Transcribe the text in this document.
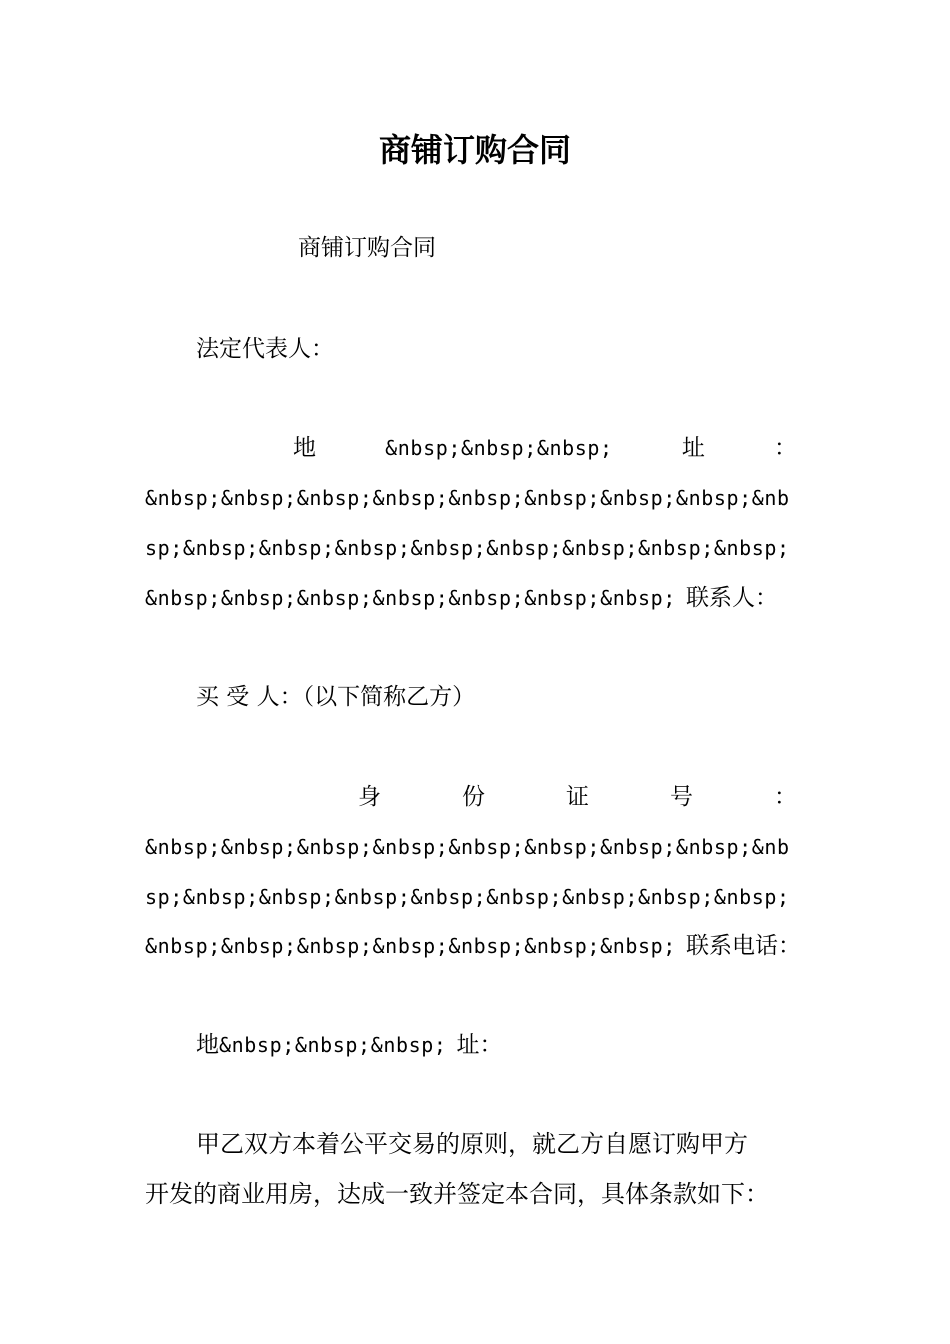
商铺订购合同

商铺订购合同

法定代表人：

地	&nbsp;&nbsp;&nbsp;	址	：

&nbsp;&nbsp;&nbsp;&nbsp;&nbsp;&nbsp;&nbsp;&nbsp;&nb

sp;&nbsp;&nbsp;&nbsp;&nbsp;&nbsp;&nbsp;&nbsp;&nbsp;

&nbsp;&nbsp;&nbsp;&nbsp;&nbsp;&nbsp;&nbsp; 联系人：

买 受 人：（以下简称乙方）

身	份	证	号	：

&nbsp;&nbsp;&nbsp;&nbsp;&nbsp;&nbsp;&nbsp;&nbsp;&nb

sp;&nbsp;&nbsp;&nbsp;&nbsp;&nbsp;&nbsp;&nbsp;&nbsp;

&nbsp;&nbsp;&nbsp;&nbsp;&nbsp;&nbsp;&nbsp; 联系电话：

地&nbsp;&nbsp;&nbsp; 址：

甲乙双方本着公平交易的原则，就乙方自愿订购甲方

开发的商业用房，达成一致并签定本合同，具体条款如下：
